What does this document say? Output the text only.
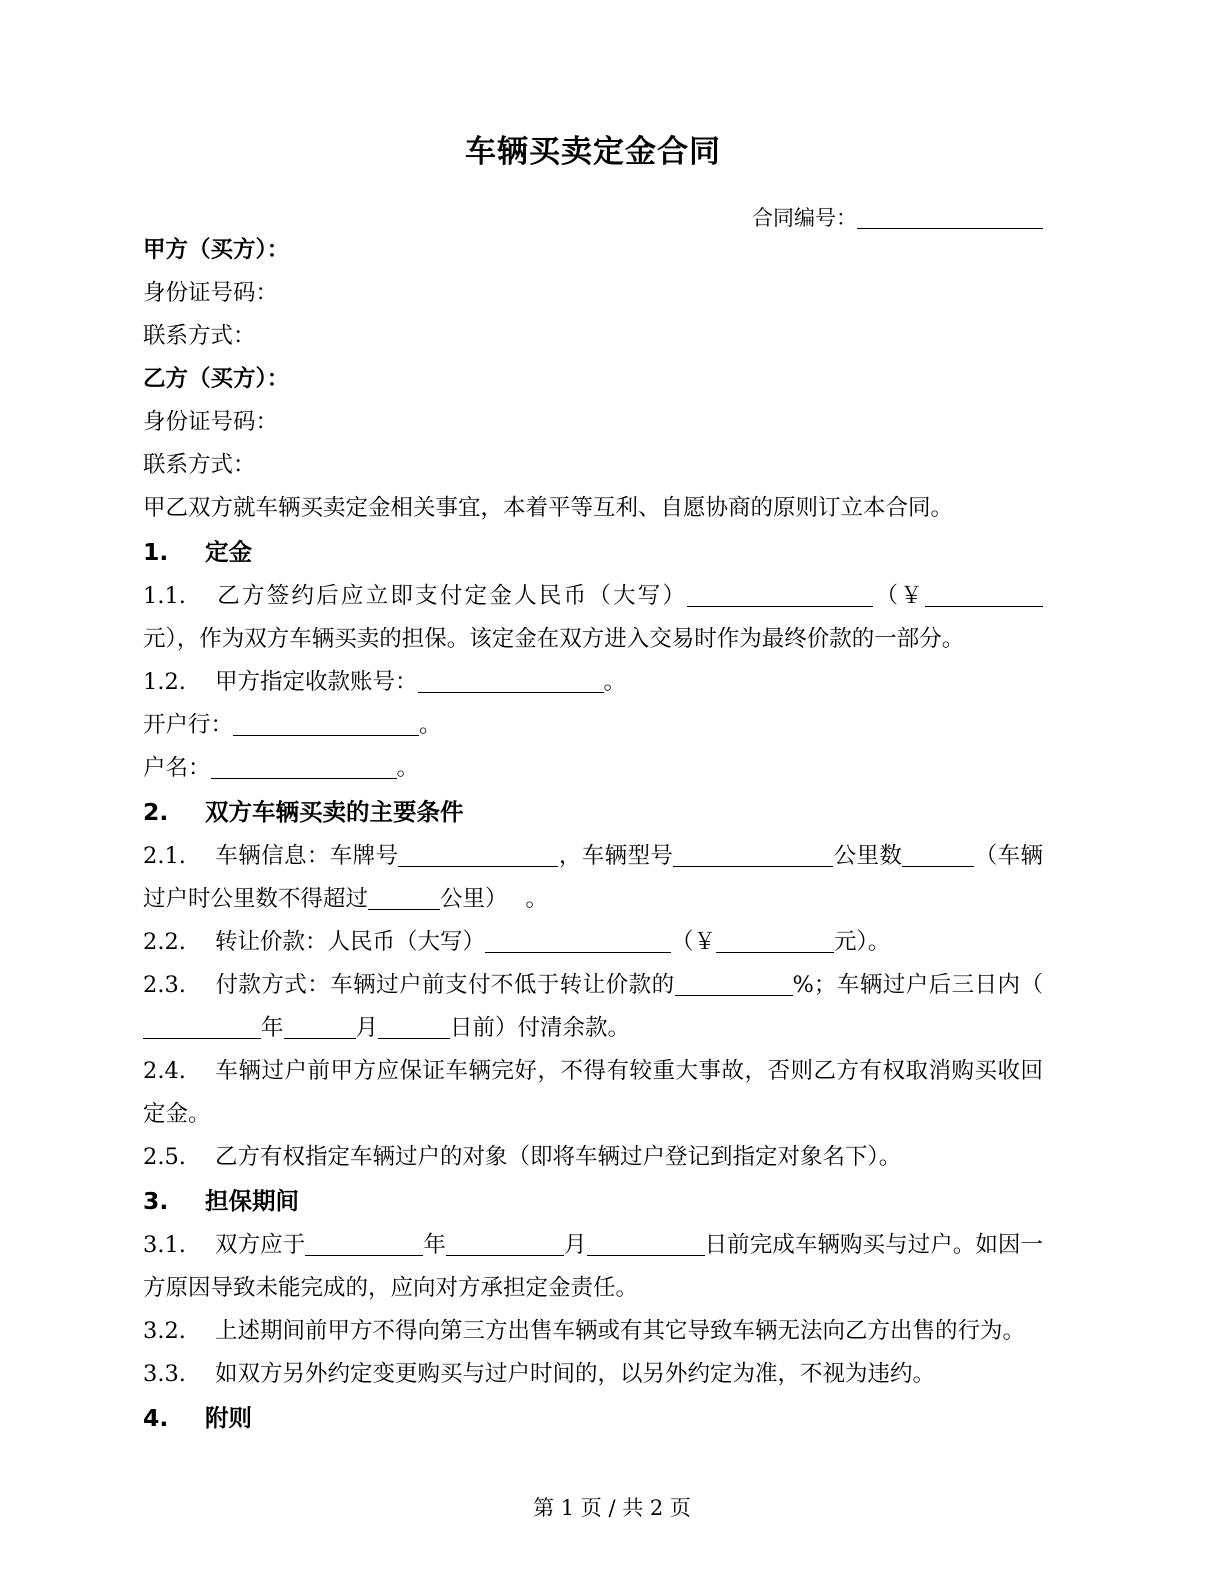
车辆买卖定金合同
合同编号：
甲方（买方）：
身份证号码：
联系方式：
乙方（买方）：
身份证号码：
联系方式：
甲乙双方就车辆买卖定金相关事宜，本着平等互利、自愿协商的原则订立本合同。
1. 定金
1.1. 乙方签约后应立即支付定金人民币（大写）	（￥元），作为双方车辆买卖的担保。该定金在双方进入交易时作为最终价款的一部分。
1.2. 甲方指定收款账号：	。
开户行：	。
户名：	。
2. 双方车辆买卖的主要条件
2.1. 车辆信息：车牌号	，车辆型号	公里数	（车辆过户时公里数不得超过	公里） 。
2.2. 转让价款：人民币（大写）	（￥	元）。
2.3. 付款方式：车辆过户前支付不低于转让价款的	%；车辆过户后三日内（年	月	日前）付清余款。
2.4. 车辆过户前甲方应保证车辆完好，不得有较重大事故，否则乙方有权取消购买收回定金。
2.5. 乙方有权指定车辆过户的对象（即将车辆过户登记到指定对象名下）。
3. 担保期间
3.1. 双方应于	年	月	日前完成车辆购买与过户。如因一方原因导致未能完成的，应向对方承担定金责任。
3.2. 上述期间前甲方不得向第三方出售车辆或有其它导致车辆无法向乙方出售的行为。
3.3. 如双方另外约定变更购买与过户时间的，以另外约定为准，不视为违约。
4. 附则
第 1 页 / 共 2 页
